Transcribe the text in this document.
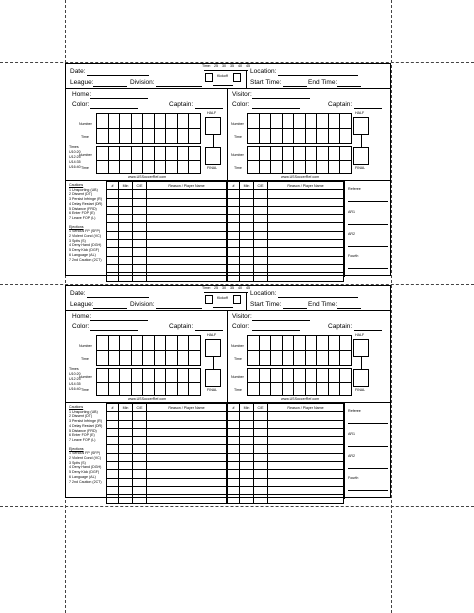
Date:
League:	Division:
Time: 25 30 35 40 45
Kickoff
Location:
Start Time:	End Time:
Home:
Color:	Captain:
Number
Time

Times
U10:20
U12:25
U14:35
U16:40
Number
Time

HALF
FINAL
www.USSoccerRef.com
Visitor:
Color:	Captain:
Number
Time

Number
Time

HALF
FINAL
www.USSoccerRef.com
Cautions
1 Unsporting (UB)
2 Dissent (DT)
3 Persist Infringe (R)
4 Delay Restart (DR)
5 Distance (FRD)
6 Enter FOP (E)
7 Leave FOP (L)
Ejections
1 Serious FP (SFP)
2 Violent Cond (VC)
3 Spits (S)
4 Deny Hand (DGH)
5 Deny Kick (DGF)
6 Language (AL)
7 2nd Caution (2CT)
#	Min	C/E	Reason / Player Name

				#	Min	C/E	Reason / Player Name

Referee
AR1
AR2
Fourth
Date:
League:	Division:
Time: 25 30 35 40 45
Kickoff
Location:
Start Time:	End Time:
Home:
Color:	Captain:
Number
Time

Times
U10:20
U12:25
U14:35
U16:40
Number
Time

HALF
FINAL
www.USSoccerRef.com
Visitor:
Color:	Captain:
Number
Time

Number
Time

HALF
FINAL
www.USSoccerRef.com
Cautions
1 Unsporting (UB)
2 Dissent (DT)
3 Persist Infringe (R)
4 Delay Restart (DR)
5 Distance (FRD)
6 Enter FOP (E)
7 Leave FOP (L)
Ejections
1 Serious FP (SFP)
2 Violent Cond (VC)
3 Spits (S)
4 Deny Hand (DGH)
5 Deny Kick (DGF)
6 Language (AL)
7 2nd Caution (2CT)
#	Min	C/E	Reason / Player Name

				#	Min	C/E	Reason / Player Name

Referee
AR1
AR2
Fourth
